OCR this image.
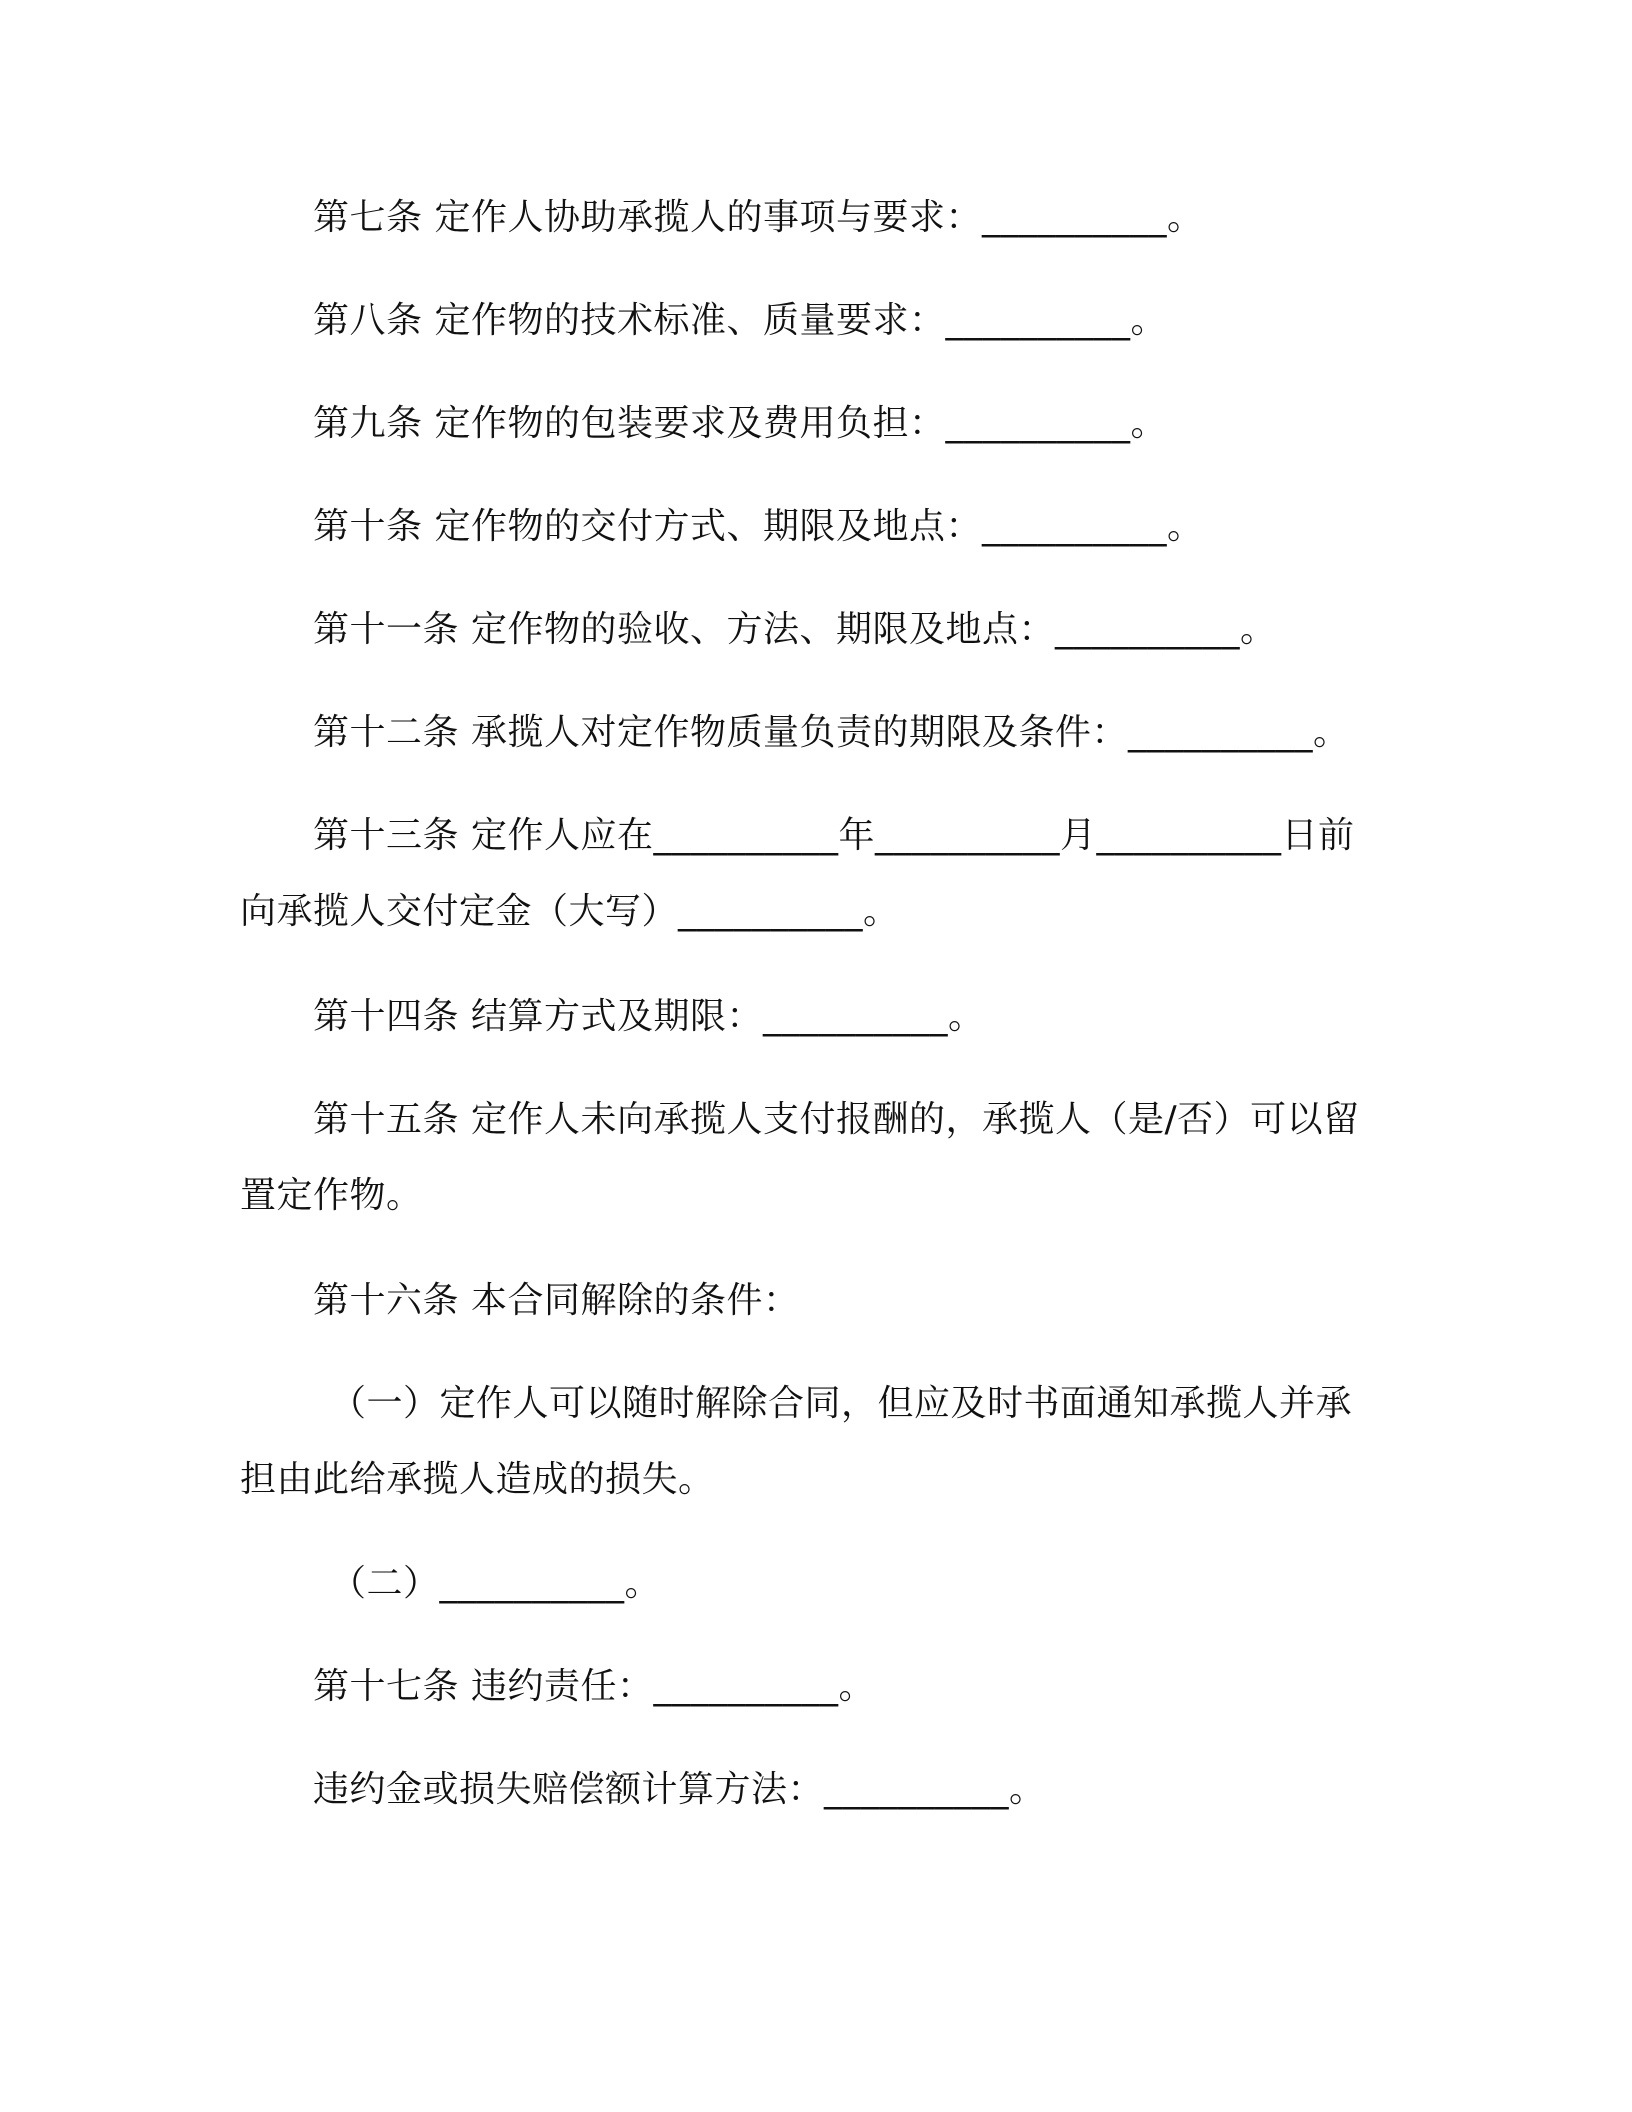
第七条 定作人协助承揽人的事项与要求：__________。
第八条 定作物的技术标准、质量要求：__________。
第九条 定作物的包装要求及费用负担：__________。
第十条 定作物的交付方式、期限及地点：__________。
第十一条 定作物的验收、方法、期限及地点：__________。
第十二条 承揽人对定作物质量负责的期限及条件：__________。
第十三条 定作人应在__________年__________月__________日前
向承揽人交付定金（大写）__________。
第十四条 结算方式及期限：__________。
第十五条 定作人未向承揽人支付报酬的，承揽人（是/否）可以留
置定作物。
第十六条 本合同解除的条件：
（一）定作人可以随时解除合同，但应及时书面通知承揽人并承
担由此给承揽人造成的损失。
（二）__________。
第十七条 违约责任：__________。
违约金或损失赔偿额计算方法：__________。
